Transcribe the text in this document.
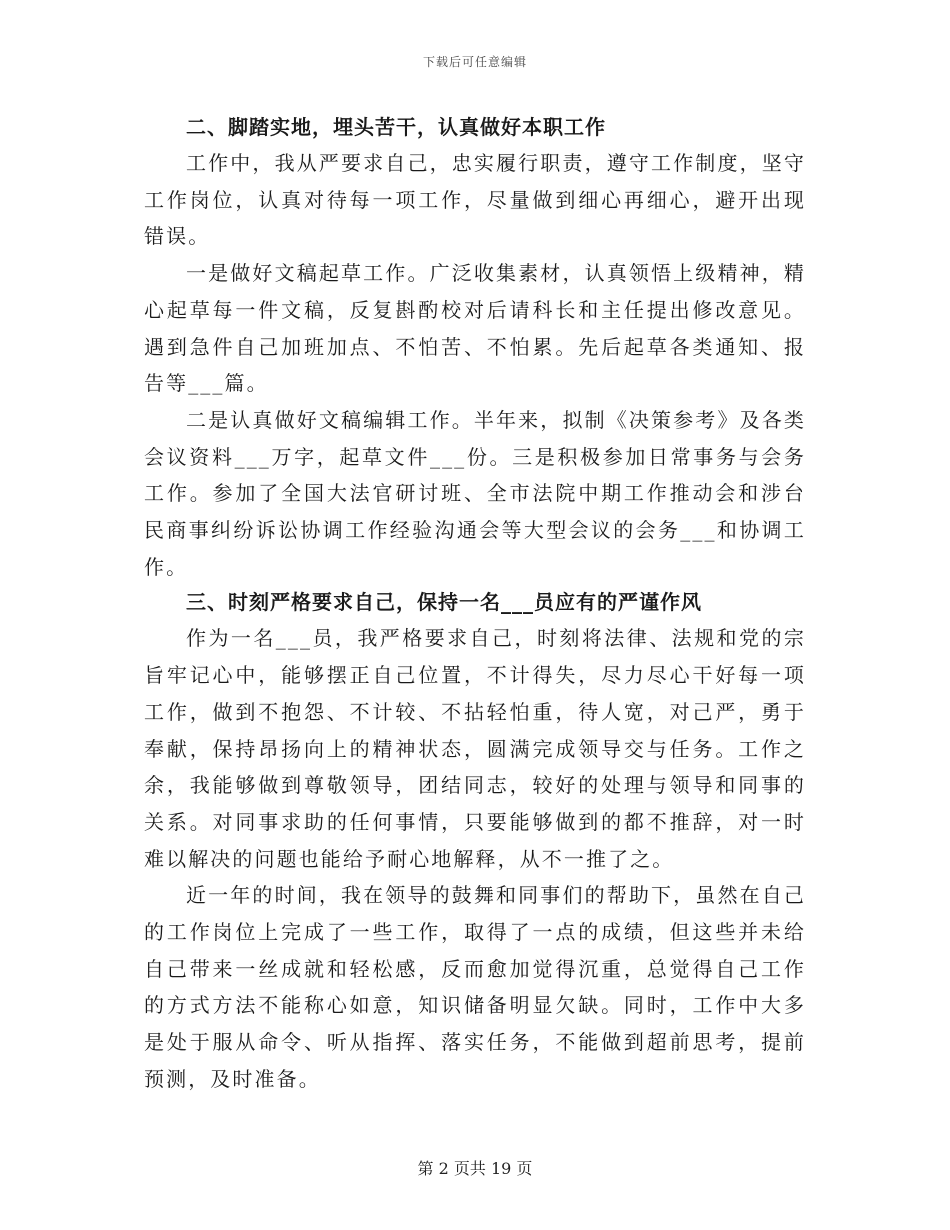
下载后可任意编辑
二、脚踏实地，埋头苦干，认真做好本职工作

工作中，我从严要求自己，忠实履行职责，遵守工作制度，坚守工作岗位，认真对待每一项工作，尽量做到细心再细心，避开出现错误。

一是做好文稿起草工作。广泛收集素材，认真领悟上级精神，精心起草每一件文稿，反复斟酌校对后请科长和主任提出修改意见。遇到急件自己加班加点、不怕苦、不怕累。先后起草各类通知、报告等___篇。

二是认真做好文稿编辑工作。半年来，拟制《决策参考》及各类会议资料___万字，起草文件___份。三是积极参加日常事务与会务工作。参加了全国大法官研讨班、全市法院中期工作推动会和涉台民商事纠纷诉讼协调工作经验沟通会等大型会议的会务___和协调工作。

三、时刻严格要求自己，保持一名___员应有的严谨作风

作为一名___员，我严格要求自己，时刻将法律、法规和党的宗旨牢记心中，能够摆正自己位置，不计得失，尽力尽心干好每一项工作，做到不抱怨、不计较、不拈轻怕重，待人宽，对己严，勇于奉献，保持昂扬向上的精神状态，圆满完成领导交与任务。工作之余，我能够做到尊敬领导，团结同志，较好的处理与领导和同事的关系。对同事求助的任何事情，只要能够做到的都不推辞，对一时难以解决的问题也能给予耐心地解释，从不一推了之。

近一年的时间，我在领导的鼓舞和同事们的帮助下，虽然在自己的工作岗位上完成了一些工作，取得了一点的成绩，但这些并未给自己带来一丝成就和轻松感，反而愈加觉得沉重，总觉得自己工作的方式方法不能称心如意，知识储备明显欠缺。同时，工作中大多是处于服从命令、听从指挥、落实任务，不能做到超前思考，提前预测，及时准备。

第 2 页共 19 页
